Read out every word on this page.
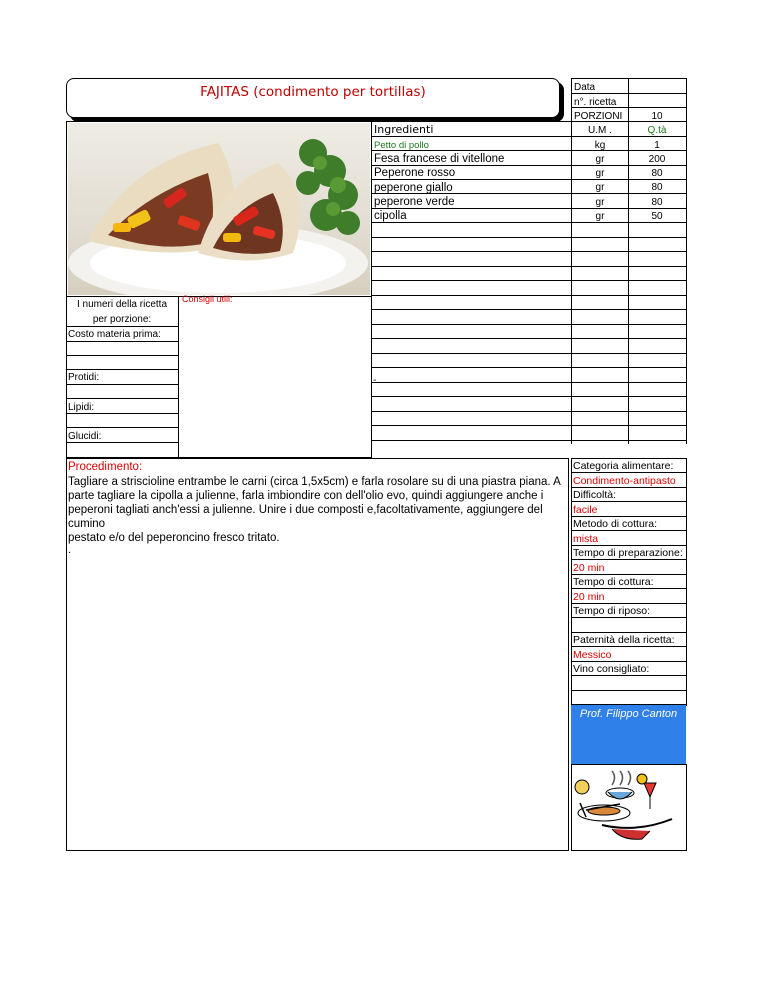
FAJITAS (condimento per tortillas)
I numeri della ricetta
per porzione:
Consigli utili:
Costo materia prima:
Protidi:
Lipidi:
Glucidi:
Data
n°. ricetta
PORZIONI	10
Ingredienti	U.M .	Q.tà
Petto di pollo	kg	1
Fesa francese di vitellone	gr	200
Peperone rosso	gr	80
peperone giallo	gr	80
peperone verde	gr	80
cipolla	gr	50
-
Procedimento:
Tagliare a striscioline entrambe le carni (circa 1,5x5cm) e farla rosolare su di una piastra piana. A
parte tagliare la cipolla a julienne, farla imbiondire con dell'olio evo, quindi aggiungere anche i
peperoni tagliati anch'essi a julienne. Unire i due composti e,facoltativamente, aggiungere del cumino
pestato e/o del peperoncino fresco tritato.
.
Categoria alimentare:
Condimento-antipasto
Difficoltà:
facile
Metodo di cottura:
mista
Tempo di preparazione:
20 min
Tempo di cottura:
20 min
Tempo di riposo:
Paternità della ricetta:
Messico
Vino consigliato:
Prof. Filippo Canton
